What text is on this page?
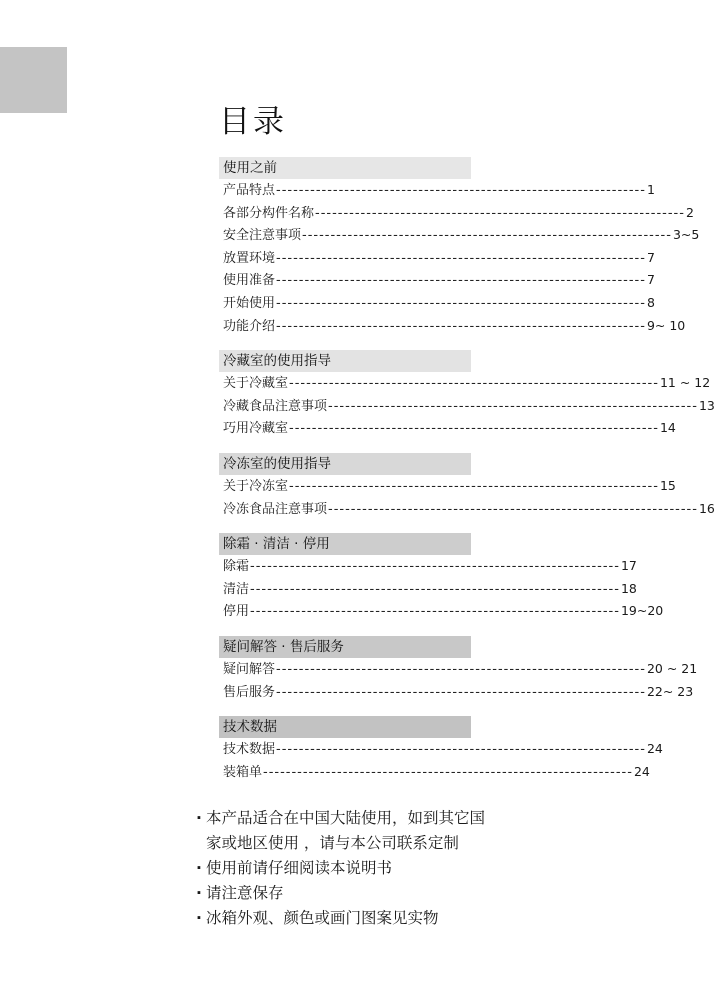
目录
使用之前
产品特点 ----------------------------------------------------------------- 1
各部分构件名称 ----------------------------------------------------------------- 2
安全注意事项 ----------------------------------------------------------------- 3~5
放置环境 ----------------------------------------------------------------- 7
使用准备 ----------------------------------------------------------------- 7
开始使用 ----------------------------------------------------------------- 8
功能介绍 ----------------------------------------------------------------- 9~ 10
冷藏室的使用指导
关于冷藏室 ----------------------------------------------------------------- 11 ~ 12
冷藏食品注意事项 ----------------------------------------------------------------- 13
巧用冷藏室 ----------------------------------------------------------------- 14
冷冻室的使用指导
关于冷冻室 ----------------------------------------------------------------- 15
冷冻食品注意事项 ----------------------------------------------------------------- 16
除霜 · 清洁 · 停用
除霜 ----------------------------------------------------------------- 17
清洁 ----------------------------------------------------------------- 18
停用 ----------------------------------------------------------------- 19~20
疑问解答 · 售后服务
疑问解答 ----------------------------------------------------------------- 20 ~ 21
售后服务 ----------------------------------------------------------------- 22~ 23
技术数据
技术数据 ----------------------------------------------------------------- 24
装箱单 ----------------------------------------------------------------- 24
· 本产品适合在中国大陆使用，如到其它国
家或地区使用 ，请与本公司联系定制
· 使用前请仔细阅读本说明书
· 请注意保存
· 冰箱外观、颜色或画门图案见实物
